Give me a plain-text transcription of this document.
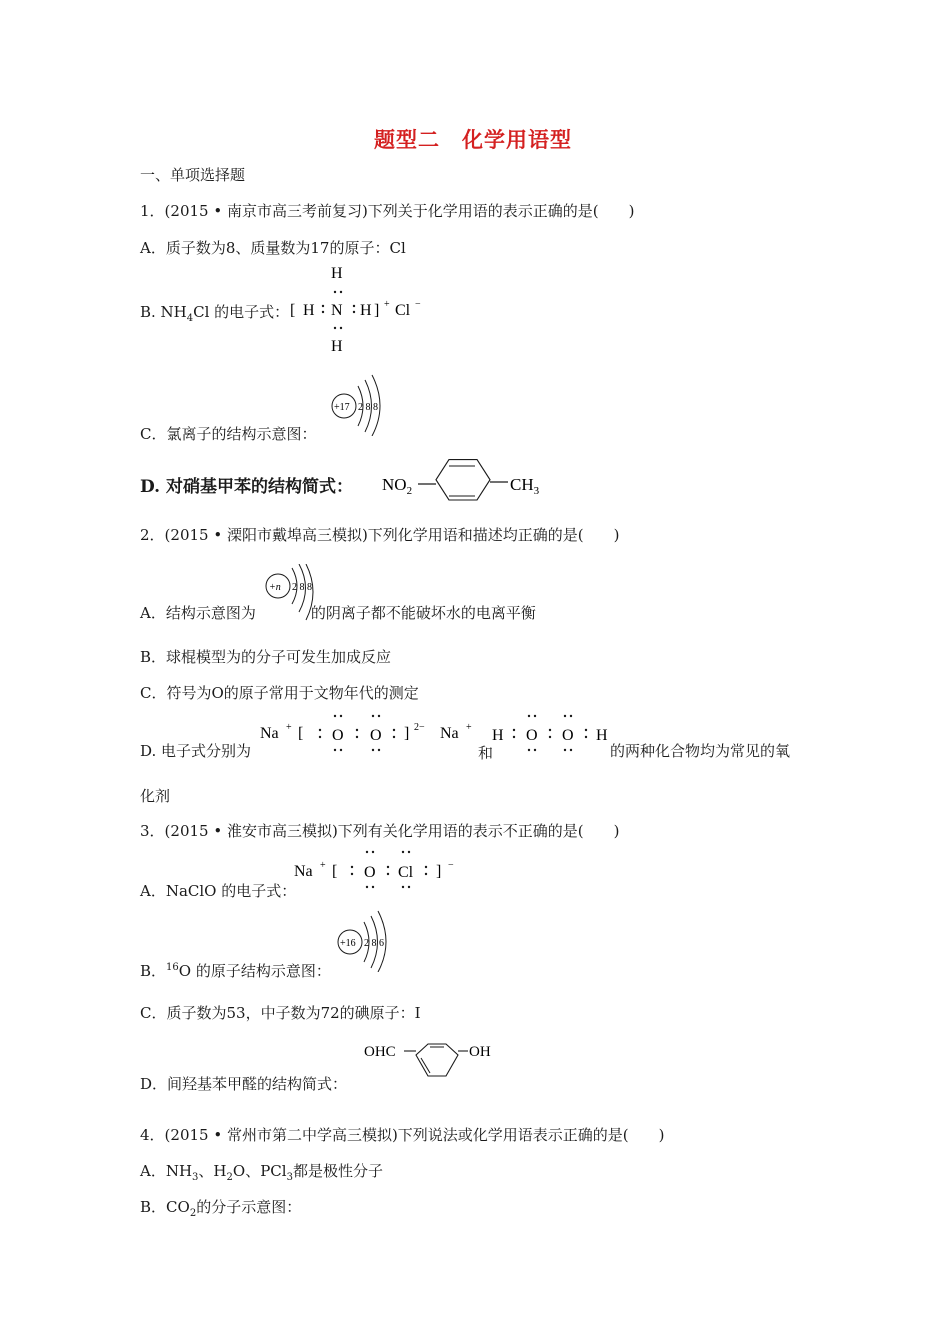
题型二　化学用语型
一、单项选择题
1．(2015 • 南京市高三考前复习)下列关于化学用语的表示正确的是(　　)
A．质子数为8、质量数为17的原子：Cl
B. $NH_4Cl$ 的电子式： [ H
H
N
H
H ] + Cl −
C．氯离子的结构示意图：
+17 2 8 8
D. 对硝基甲苯的结构简式： $NO_2$	$CH_3$
2．(2015 • 溧阳市戴埠高三模拟)下列化学用语和描述均正确的是(　　)
A．结构示意图为	的阴离子都不能破坏水的电离平衡
+n 2 8 8
B．球棍模型为的分子可发生加成反应
C．符号为O的原子常用于文物年代的测定
D. 电子式分别为
Na + [ O O ] 2− Na +
和
H O O H
的两种化合物均为常见的氧
化剂
3．(2015 • 淮安市高三模拟)下列有关化学用语的表示不正确的是(　　)
A．NaClO 的电子式：
Na + [ O Cl ] −
B．$^{16}$O 的原子结构示意图：
+16 2 8 6
C．质子数为53，中子数为72的碘原子：I
D．间羟基苯甲醛的结构简式：
OHC	OH
4．(2015 • 常州市第二中学高三模拟)下列说法或化学用语表示正确的是(　　)
A．$NH_3$、$H_2O$、PCl$_3$都是极性分子
B．$CO_2$的分子示意图：
